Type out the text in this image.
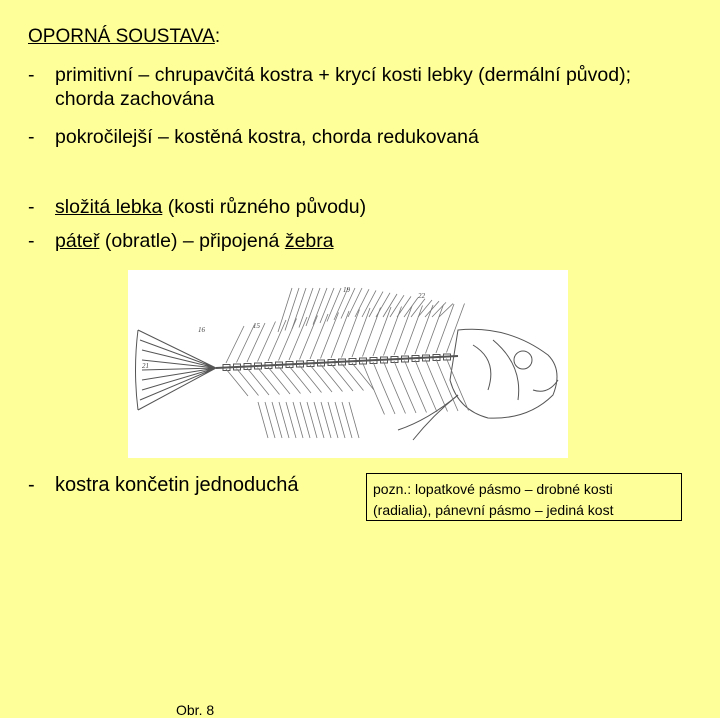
OPORNÁ SOUSTAVA:
- primitivní – chrupavčitá kostra + krycí kosti lebky (dermální původ); chorda zachována
- pokročilejší – kostěná kostra, chorda redukovaná
- složitá lebka (kosti různého původu)
- páteř (obratle) – připojená žebra
16	15
19
22
21
Obr. 8
- kostra končetin jednoduchá	pozn.: lopatkové pásmo – drobné kosti
(radialia), pánevní pásmo – jediná kost
